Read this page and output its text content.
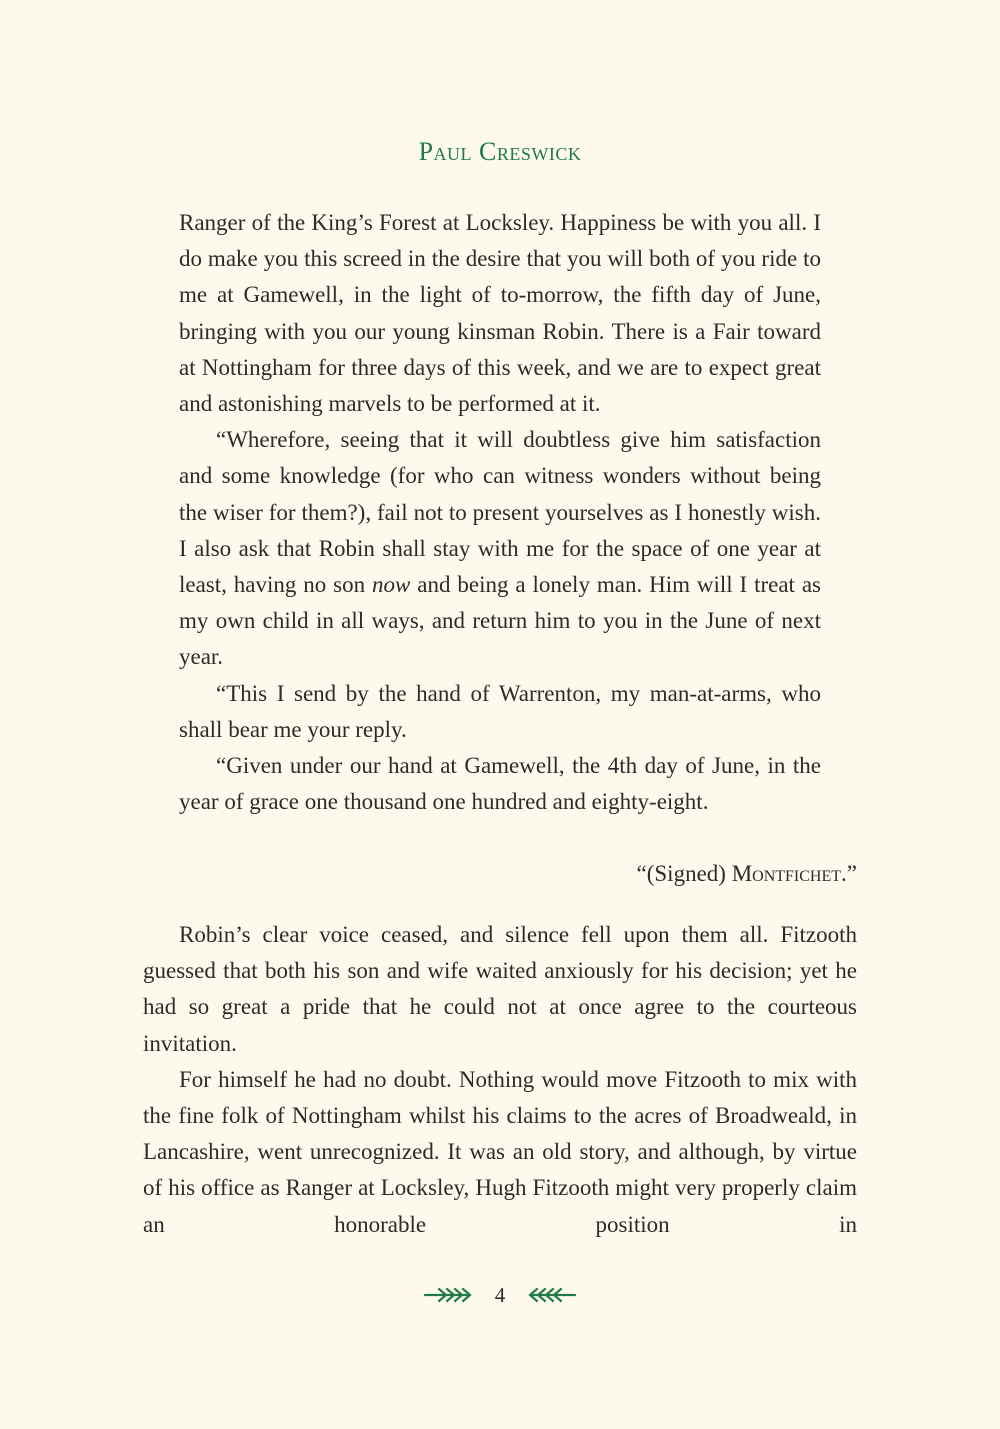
Paul Creswick

Ranger of the King’s Forest at Locksley. Happiness be with you all. I do make you this screed in the desire that you will both of you ride to me at Gamewell, in the light of to-morrow, the fifth day of June, bringing with you our young kinsman Robin. There is a Fair toward at Nottingham for three days of this week, and we are to expect great and astonishing marvels to be performed at it.

“Wherefore, seeing that it will doubtless give him satisfaction and some knowledge (for who can witness wonders without being the wiser for them?), fail not to present yourselves as I honestly wish. I also ask that Robin shall stay with me for the space of one year at least, having no son now and being a lonely man. Him will I treat as my own child in all ways, and return him to you in the June of next year.

“This I send by the hand of Warrenton, my man-at-arms, who shall bear me your reply.

“Given under our hand at Gamewell, the 4th day of June, in the year of grace one thousand one hundred and eighty-eight.

“(Signed) Montfichet.”

Robin’s clear voice ceased, and silence fell upon them all. Fitzooth guessed that both his son and wife waited anxiously for his decision; yet he had so great a pride that he could not at once agree to the courteous invitation.

For himself he had no doubt. Nothing would move Fitzooth to mix with the fine folk of Nottingham whilst his claims to the acres of Broadweald, in Lancashire, went unrecognized. It was an old story, and although, by virtue of his office as Ranger at Locksley, Hugh Fitzooth might very properly claim an honorable position in

4
